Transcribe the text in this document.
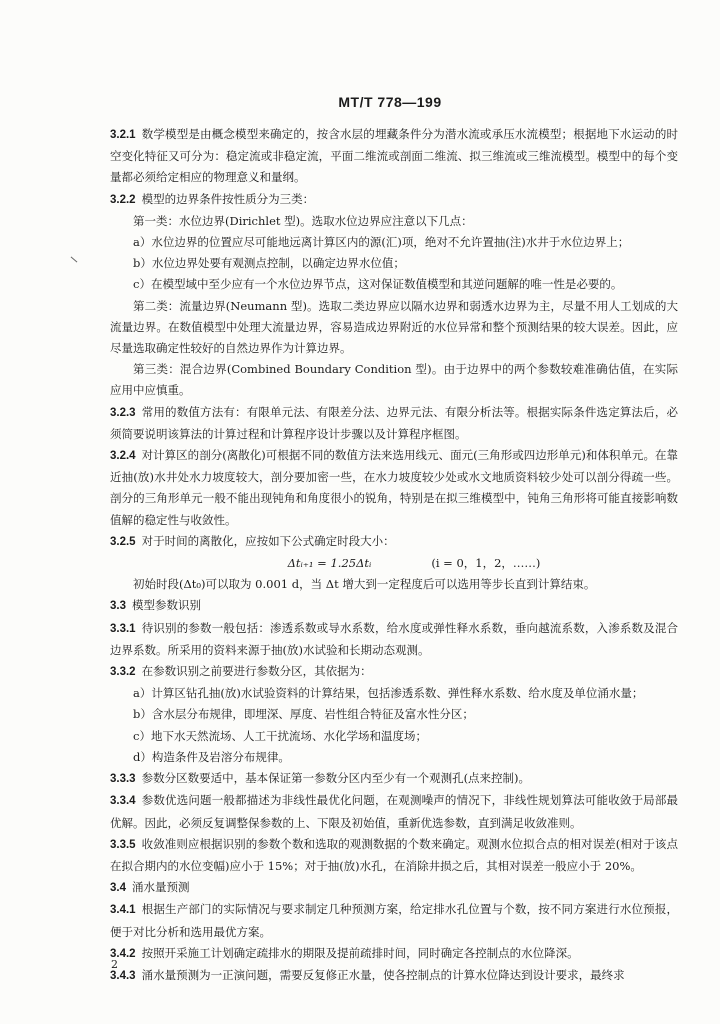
MT/T 778—199

3.2.1 数学模型是由概念模型来确定的，按含水层的埋藏条件分为潜水流或承压水流模型；根据地下水运动的时空变化特征又可分为：稳定流或非稳定流，平面二维流或剖面二维流、拟三维流或三维流模型。模型中的每个变量都必须给定相应的物理意义和量纲。

3.2.2 模型的边界条件按性质分为三类：

第一类：水位边界(Dirichlet 型)。选取水位边界应注意以下几点：

a）水位边界的位置应尽可能地远离计算区内的源(汇)项，绝对不允许置抽(注)水井于水位边界上；

b）水位边界处要有观测点控制，以确定边界水位值；

c）在模型域中至少应有一个水位边界节点，这对保证数值模型和其逆问题解的唯一性是必要的。

第二类：流量边界(Neumann 型)。选取二类边界应以隔水边界和弱透水边界为主，尽量不用人工划成的大流量边界。在数值模型中处理大流量边界，容易造成边界附近的水位异常和整个预测结果的较大误差。因此，应尽量选取确定性较好的自然边界作为计算边界。

第三类：混合边界(Combined Boundary Condition 型)。由于边界中的两个参数较难准确估值，在实际应用中应慎重。

3.2.3 常用的数值方法有：有限单元法、有限差分法、边界元法、有限分析法等。根据实际条件选定算法后，必须简要说明该算法的计算过程和计算程序设计步骤以及计算程序框图。

3.2.4 对计算区的剖分(离散化)可根据不同的数值方法来选用线元、面元(三角形或四边形单元)和体积单元。在靠近抽(放)水井处水力坡度较大，剖分要加密一些，在水力坡度较少处或水文地质资料较少处可以剖分得疏一些。剖分的三角形单元一般不能出现钝角和角度很小的锐角，特别是在拟三维模型中，钝角三角形将可能直接影响数值解的稳定性与收敛性。

3.2.5 对于时间的离散化，应按如下公式确定时段大小：

Δtᵢ₊₁ = 1.25Δtᵢ	(i = 0，1，2，……)

初始时段(Δt₀)可以取为 0.001 d，当 Δt 增大到一定程度后可以选用等步长直到计算结束。

3.3 模型参数识别

3.3.1 待识别的参数一般包括：渗透系数或导水系数，给水度或弹性释水系数，垂向越流系数，入渗系数及混合边界系数。所采用的资料来源于抽(放)水试验和长期动态观测。

3.3.2 在参数识别之前要进行参数分区，其依据为：

a）计算区钻孔抽(放)水试验资料的计算结果，包括渗透系数、弹性释水系数、给水度及单位涌水量；

b）含水层分布规律，即埋深、厚度、岩性组合特征及富水性分区；

c）地下水天然流场、人工干扰流场、水化学场和温度场；

d）构造条件及岩溶分布规律。

3.3.3 参数分区数要适中，基本保证第一参数分区内至少有一个观测孔(点来控制)。

3.3.4 参数优选问题一般都描述为非线性最优化问题，在观测噪声的情况下，非线性规划算法可能收敛于局部最优解。因此，必须反复调整保参数的上、下限及初始值，重新优选参数，直到满足收敛准则。

3.3.5 收敛准则应根据识别的参数个数和选取的观测数据的个数来确定。观测水位拟合点的相对误差(相对于该点在拟合期内的水位变幅)应小于 15%；对于抽(放)水孔，在消除井损之后，其相对误差一般应小于 20%。

3.4 涌水量预测

3.4.1 根据生产部门的实际情况与要求制定几种预测方案，给定排水孔位置与个数，按不同方案进行水位预报，便于对比分析和选用最优方案。

3.4.2 按照开采施工计划确定疏排水的期限及提前疏排时间，同时确定各控制点的水位降深。

3.4.3 涌水量预测为一正演问题，需要反复修正水量，使各控制点的计算水位降达到设计要求，最终求

2
